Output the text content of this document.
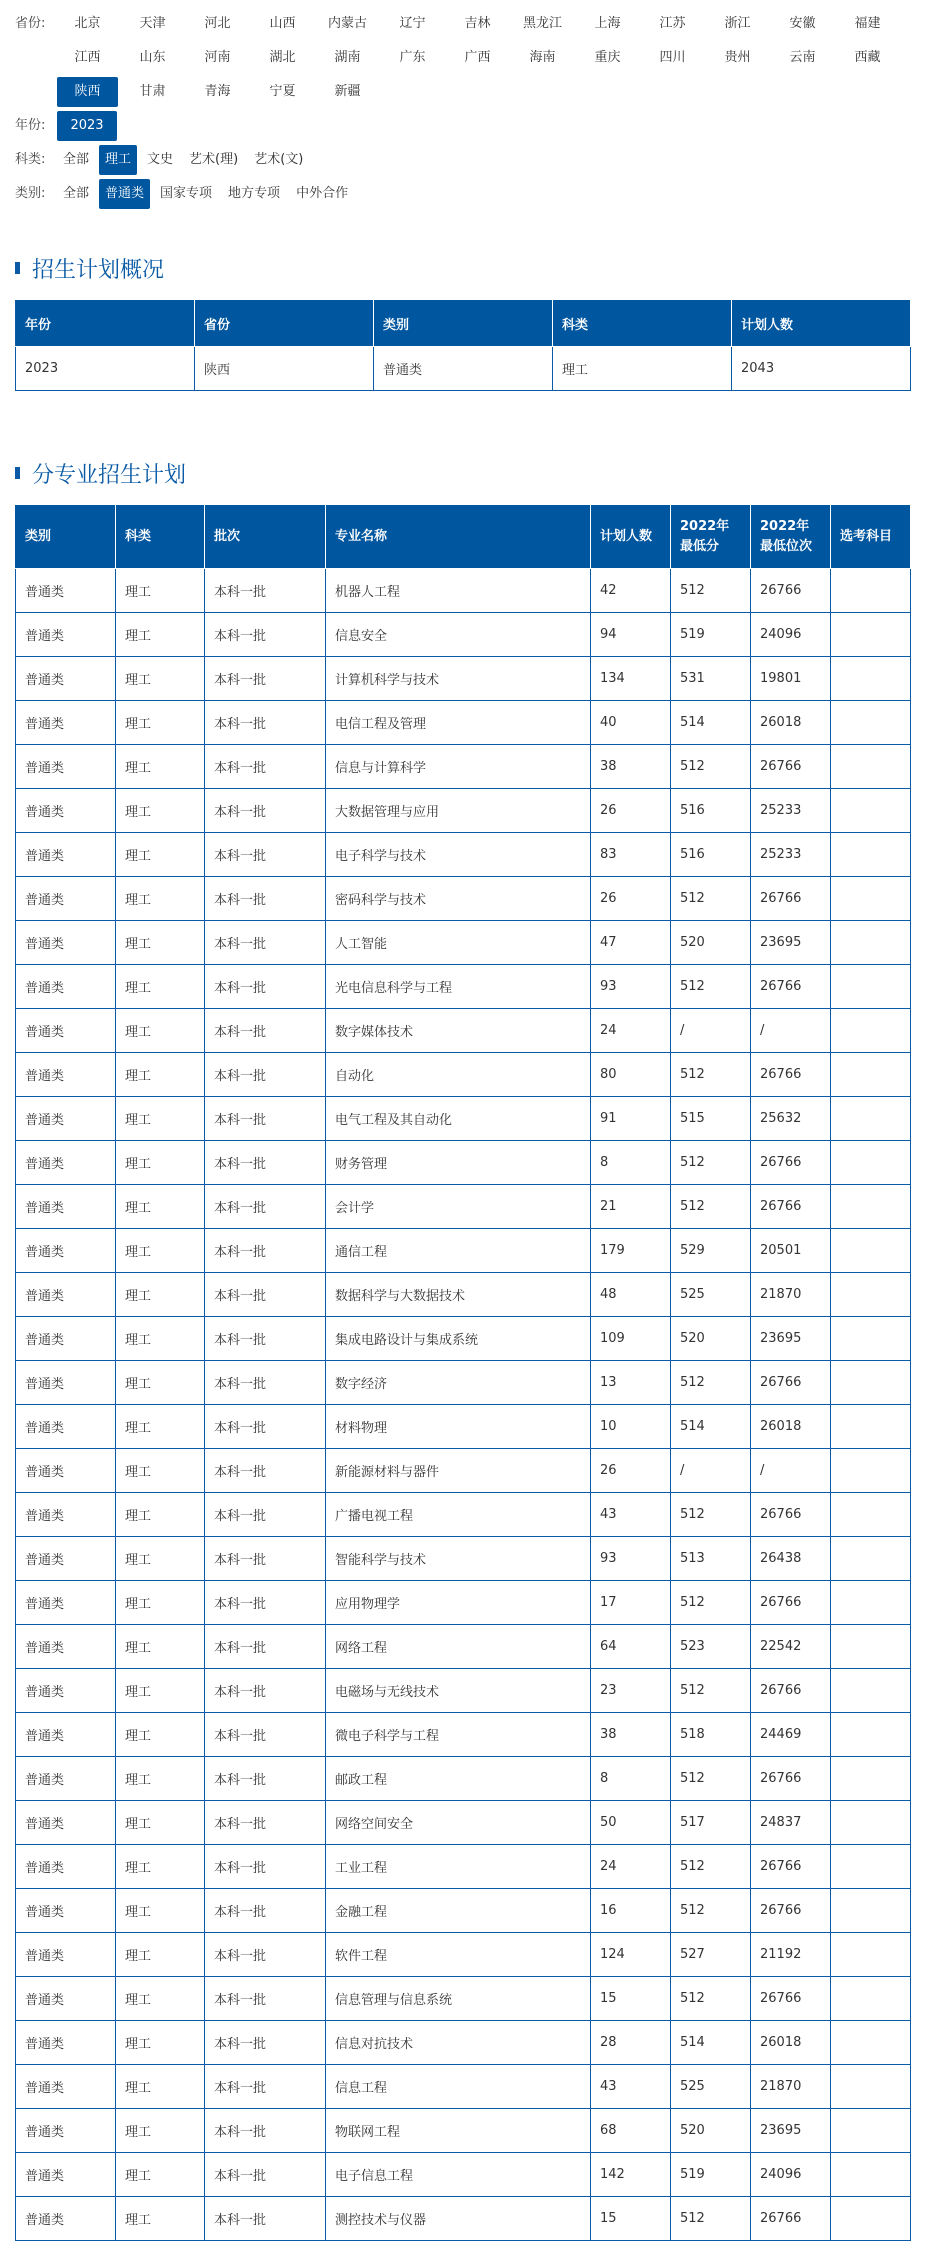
省份:	北京	天津	河北	山西	内蒙古	辽宁	吉林	黑龙江	上海	江苏	浙江	安徽	福建
江西	山东	河南	湖北	湖南	广东	广西	海南	重庆	四川	贵州	云南	西藏
陕西	甘肃	青海	宁夏	新疆
年份:	2023
科类:	全部	理工	文史	艺术(理)	艺术(文)
类别:	全部	普通类	国家专项	地方专项	中外合作
招生计划概况
年份	省份	类别	科类	计划人数
2023	陕西	普通类	理工	2043
分专业招生计划
类别	科类	批次	专业名称	计划人数	2022年最低分	2022年最低位次	选考科目
普通类	理工	本科一批	机器人工程	42	512	26766	
普通类	理工	本科一批	信息安全	94	519	24096	
普通类	理工	本科一批	计算机科学与技术	134	531	19801	
普通类	理工	本科一批	电信工程及管理	40	514	26018	
普通类	理工	本科一批	信息与计算科学	38	512	26766	
普通类	理工	本科一批	大数据管理与应用	26	516	25233	
普通类	理工	本科一批	电子科学与技术	83	516	25233	
普通类	理工	本科一批	密码科学与技术	26	512	26766	
普通类	理工	本科一批	人工智能	47	520	23695	
普通类	理工	本科一批	光电信息科学与工程	93	512	26766	
普通类	理工	本科一批	数字媒体技术	24	/	/	
普通类	理工	本科一批	自动化	80	512	26766	
普通类	理工	本科一批	电气工程及其自动化	91	515	25632	
普通类	理工	本科一批	财务管理	8	512	26766	
普通类	理工	本科一批	会计学	21	512	26766	
普通类	理工	本科一批	通信工程	179	529	20501	
普通类	理工	本科一批	数据科学与大数据技术	48	525	21870	
普通类	理工	本科一批	集成电路设计与集成系统	109	520	23695	
普通类	理工	本科一批	数字经济	13	512	26766	
普通类	理工	本科一批	材料物理	10	514	26018	
普通类	理工	本科一批	新能源材料与器件	26	/	/	
普通类	理工	本科一批	广播电视工程	43	512	26766	
普通类	理工	本科一批	智能科学与技术	93	513	26438	
普通类	理工	本科一批	应用物理学	17	512	26766	
普通类	理工	本科一批	网络工程	64	523	22542	
普通类	理工	本科一批	电磁场与无线技术	23	512	26766	
普通类	理工	本科一批	微电子科学与工程	38	518	24469	
普通类	理工	本科一批	邮政工程	8	512	26766	
普通类	理工	本科一批	网络空间安全	50	517	24837	
普通类	理工	本科一批	工业工程	24	512	26766	
普通类	理工	本科一批	金融工程	16	512	26766	
普通类	理工	本科一批	软件工程	124	527	21192	
普通类	理工	本科一批	信息管理与信息系统	15	512	26766	
普通类	理工	本科一批	信息对抗技术	28	514	26018	
普通类	理工	本科一批	信息工程	43	525	21870	
普通类	理工	本科一批	物联网工程	68	520	23695	
普通类	理工	本科一批	电子信息工程	142	519	24096	
普通类	理工	本科一批	测控技术与仪器	15	512	26766	
